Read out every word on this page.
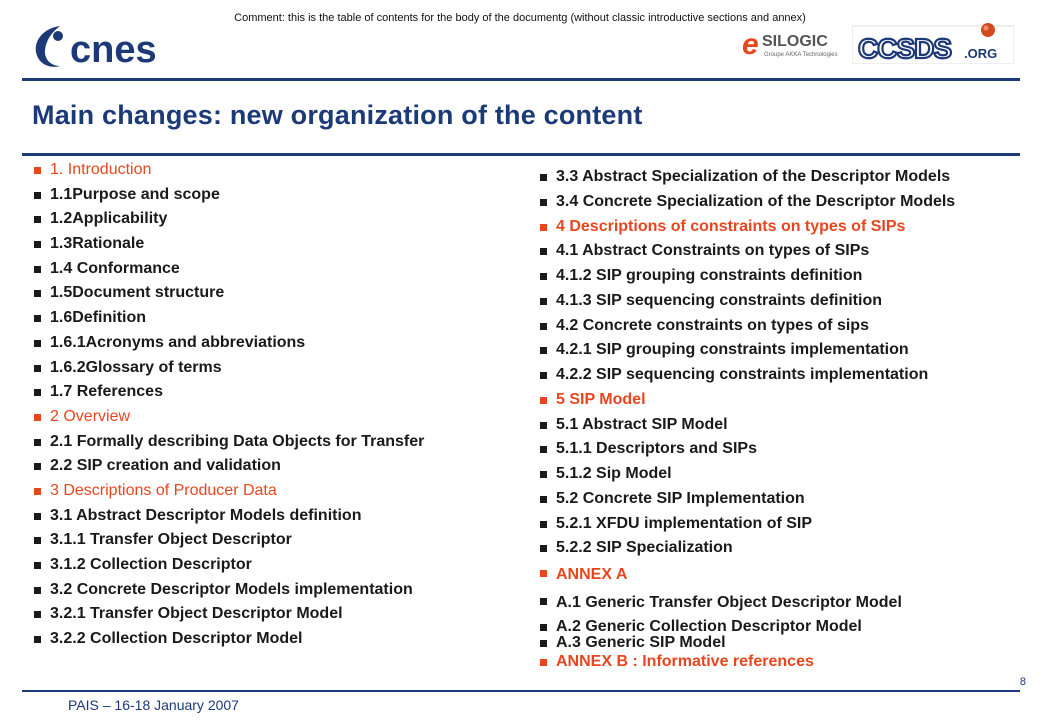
Comment: this is the table of contents for the body of the documentg (without classic introductive sections and annex)
cnes	e SILOGIC
Groupe AKKA Technologies CCSDS .ORG
Main changes: new organization of the content
1. Introduction
1.1Purpose and scope
1.2Applicability
1.3Rationale
1.4 Conformance
1.5Document structure
1.6Definition
1.6.1Acronyms and abbreviations
1.6.2Glossary of terms
1.7 References
2 Overview
2.1 Formally describing Data Objects for Transfer
2.2 SIP creation and validation
3 Descriptions of Producer Data
3.1 Abstract Descriptor Models definition
3.1.1 Transfer Object Descriptor
3.1.2 Collection Descriptor
3.2 Concrete Descriptor Models implementation
3.2.1 Transfer Object Descriptor Model
3.2.2 Collection Descriptor Model
3.3 Abstract Specialization of the Descriptor Models
3.4 Concrete Specialization of the Descriptor Models
4 Descriptions of constraints on types of SIPs
4.1 Abstract Constraints on types of SIPs
4.1.2 SIP grouping constraints definition
4.1.3 SIP sequencing constraints definition
4.2 Concrete constraints on types of sips
4.2.1 SIP grouping constraints implementation
4.2.2 SIP sequencing constraints implementation
5 SIP Model
5.1 Abstract SIP Model
5.1.1 Descriptors and SIPs
5.1.2 Sip Model
5.2 Concrete SIP Implementation
5.2.1 XFDU implementation of SIP
5.2.2 SIP Specialization
ANNEX A
A.1 Generic Transfer Object Descriptor Model
A.2 Generic Collection Descriptor Model
A.3 Generic SIP Model
ANNEX B : Informative references
PAIS – 16-18 January 2007
8
